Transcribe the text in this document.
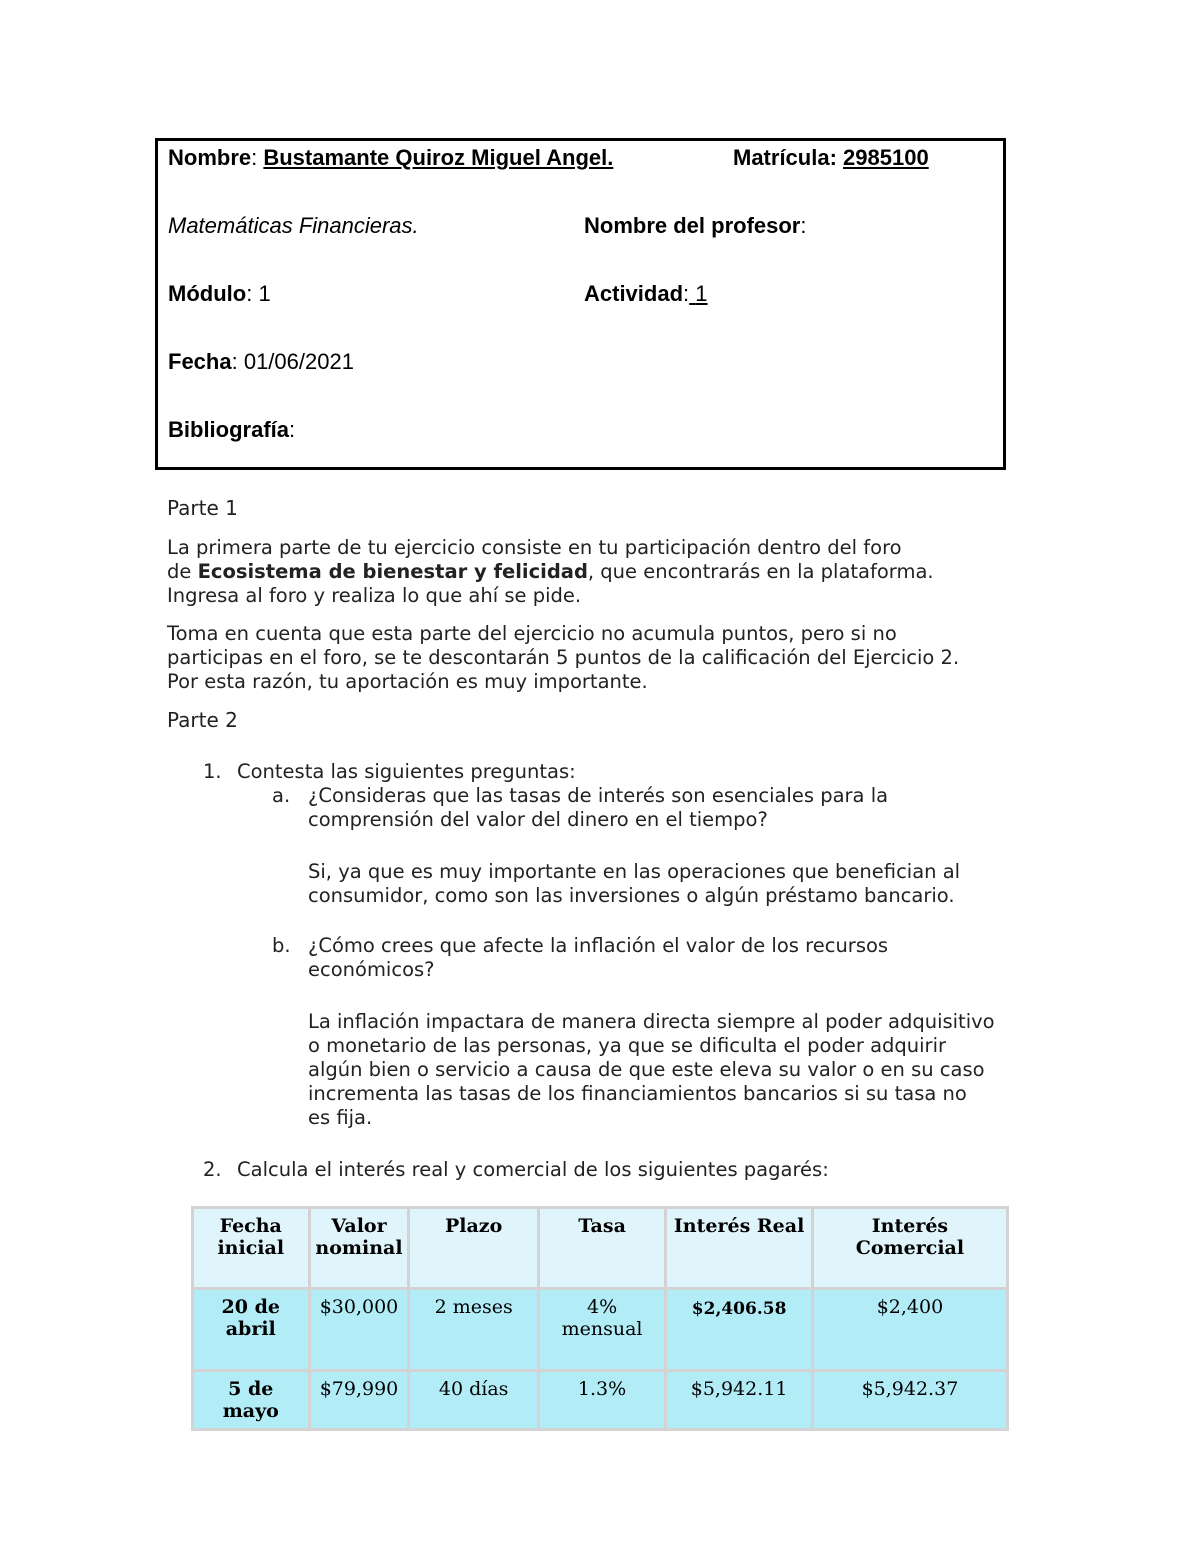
Nombre: Bustamante Quiroz Miguel Angel.	Matrícula: 2985100
Matemáticas Financieras.	Nombre del profesor:
Módulo: 1	Actividad: 1
Fecha: 01/06/2021
Bibliografía:
Parte 1
La primera parte de tu ejercicio consiste en tu participación dentro del foro
de Ecosistema de bienestar y felicidad, que encontrarás en la plataforma.
Ingresa al foro y realiza lo que ahí se pide.
Toma en cuenta que esta parte del ejercicio no acumula puntos, pero si no
participas en el foro, se te descontarán 5 puntos de la calificación del Ejercicio 2.
Por esta razón, tu aportación es muy importante.
Parte 2
1. Contesta las siguientes preguntas:
a. ¿Consideras que las tasas de interés son esenciales para la
comprensión del valor del dinero en el tiempo?
Si, ya que es muy importante en las operaciones que benefician al
consumidor, como son las inversiones o algún préstamo bancario.
b. ¿Cómo crees que afecte la inflación el valor de los recursos
económicos?
La inflación impactara de manera directa siempre al poder adquisitivo
o monetario de las personas, ya que se dificulta el poder adquirir
algún bien o servicio a causa de que este eleva su valor o en su caso
incrementa las tasas de los financiamientos bancarios si su tasa no
es fija.
2. Calcula el interés real y comercial de los siguientes pagarés:
Fecha inicial	Valor nominal	Plazo	Tasa	Interés Real	Interés Comercial
20 de abril	$30,000	2 meses	4% mensual	$2,406.58	$2,400
5 de mayo	$79,990	40 días	1.3%	$5,942.11	$5,942.37
